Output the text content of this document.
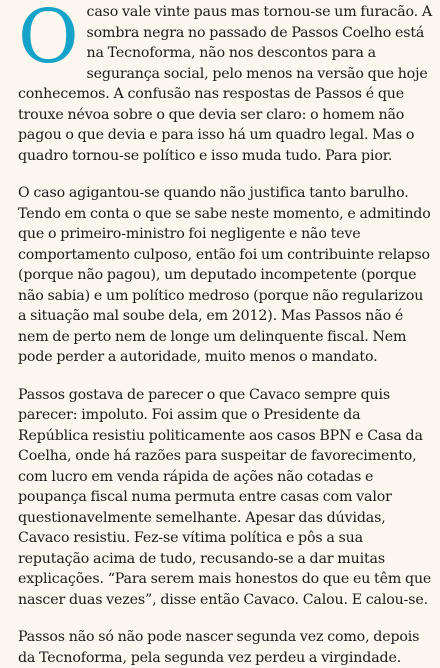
Ocaso vale vinte paus mas tornou-se um furacão. A sombra negra no passado de Passos Coelho está na Tecnoforma, não nos descontos para a segurança social, pelo menos na versão que hoje conhecemos. A confusão nas respostas de Passos é que trouxe névoa sobre o que devia ser claro: o homem não pagou o que devia e para isso há um quadro legal. Mas o quadro tornou-se político e isso muda tudo. Para pior.

O caso agigantou-se quando não justifica tanto barulho. Tendo em conta o que se sabe neste momento, e admitindo que o primeiro-ministro foi negligente e não teve comportamento culposo, então foi um contribuinte relapso (porque não pagou), um deputado incompetente (porque não sabia) e um político medroso (porque não regularizou a situação mal soube dela, em 2012). Mas Passos não é nem de perto nem de longe um delinquente fiscal. Nem pode perder a autoridade, muito menos o mandato.

Passos gostava de parecer o que Cavaco sempre quis parecer: impoluto. Foi assim que o Presidente da República resistiu politicamente aos casos BPN e Casa da Coelha, onde há razões para suspeitar de favorecimento, com lucro em venda rápida de ações não cotadas e poupança fiscal numa permuta entre casas com valor questionavelmente semelhante. Apesar das dúvidas, Cavaco resistiu. Fez-se vítima política e pôs a sua reputação acima de tudo, recusando-se a dar muitas explicações. “Para serem mais honestos do que eu têm que nascer duas vezes”, disse então Cavaco. Calou. E calou-se.

Passos não só não pode nascer segunda vez como, depois da Tecnoforma, pela segunda vez perdeu a virgindade.
